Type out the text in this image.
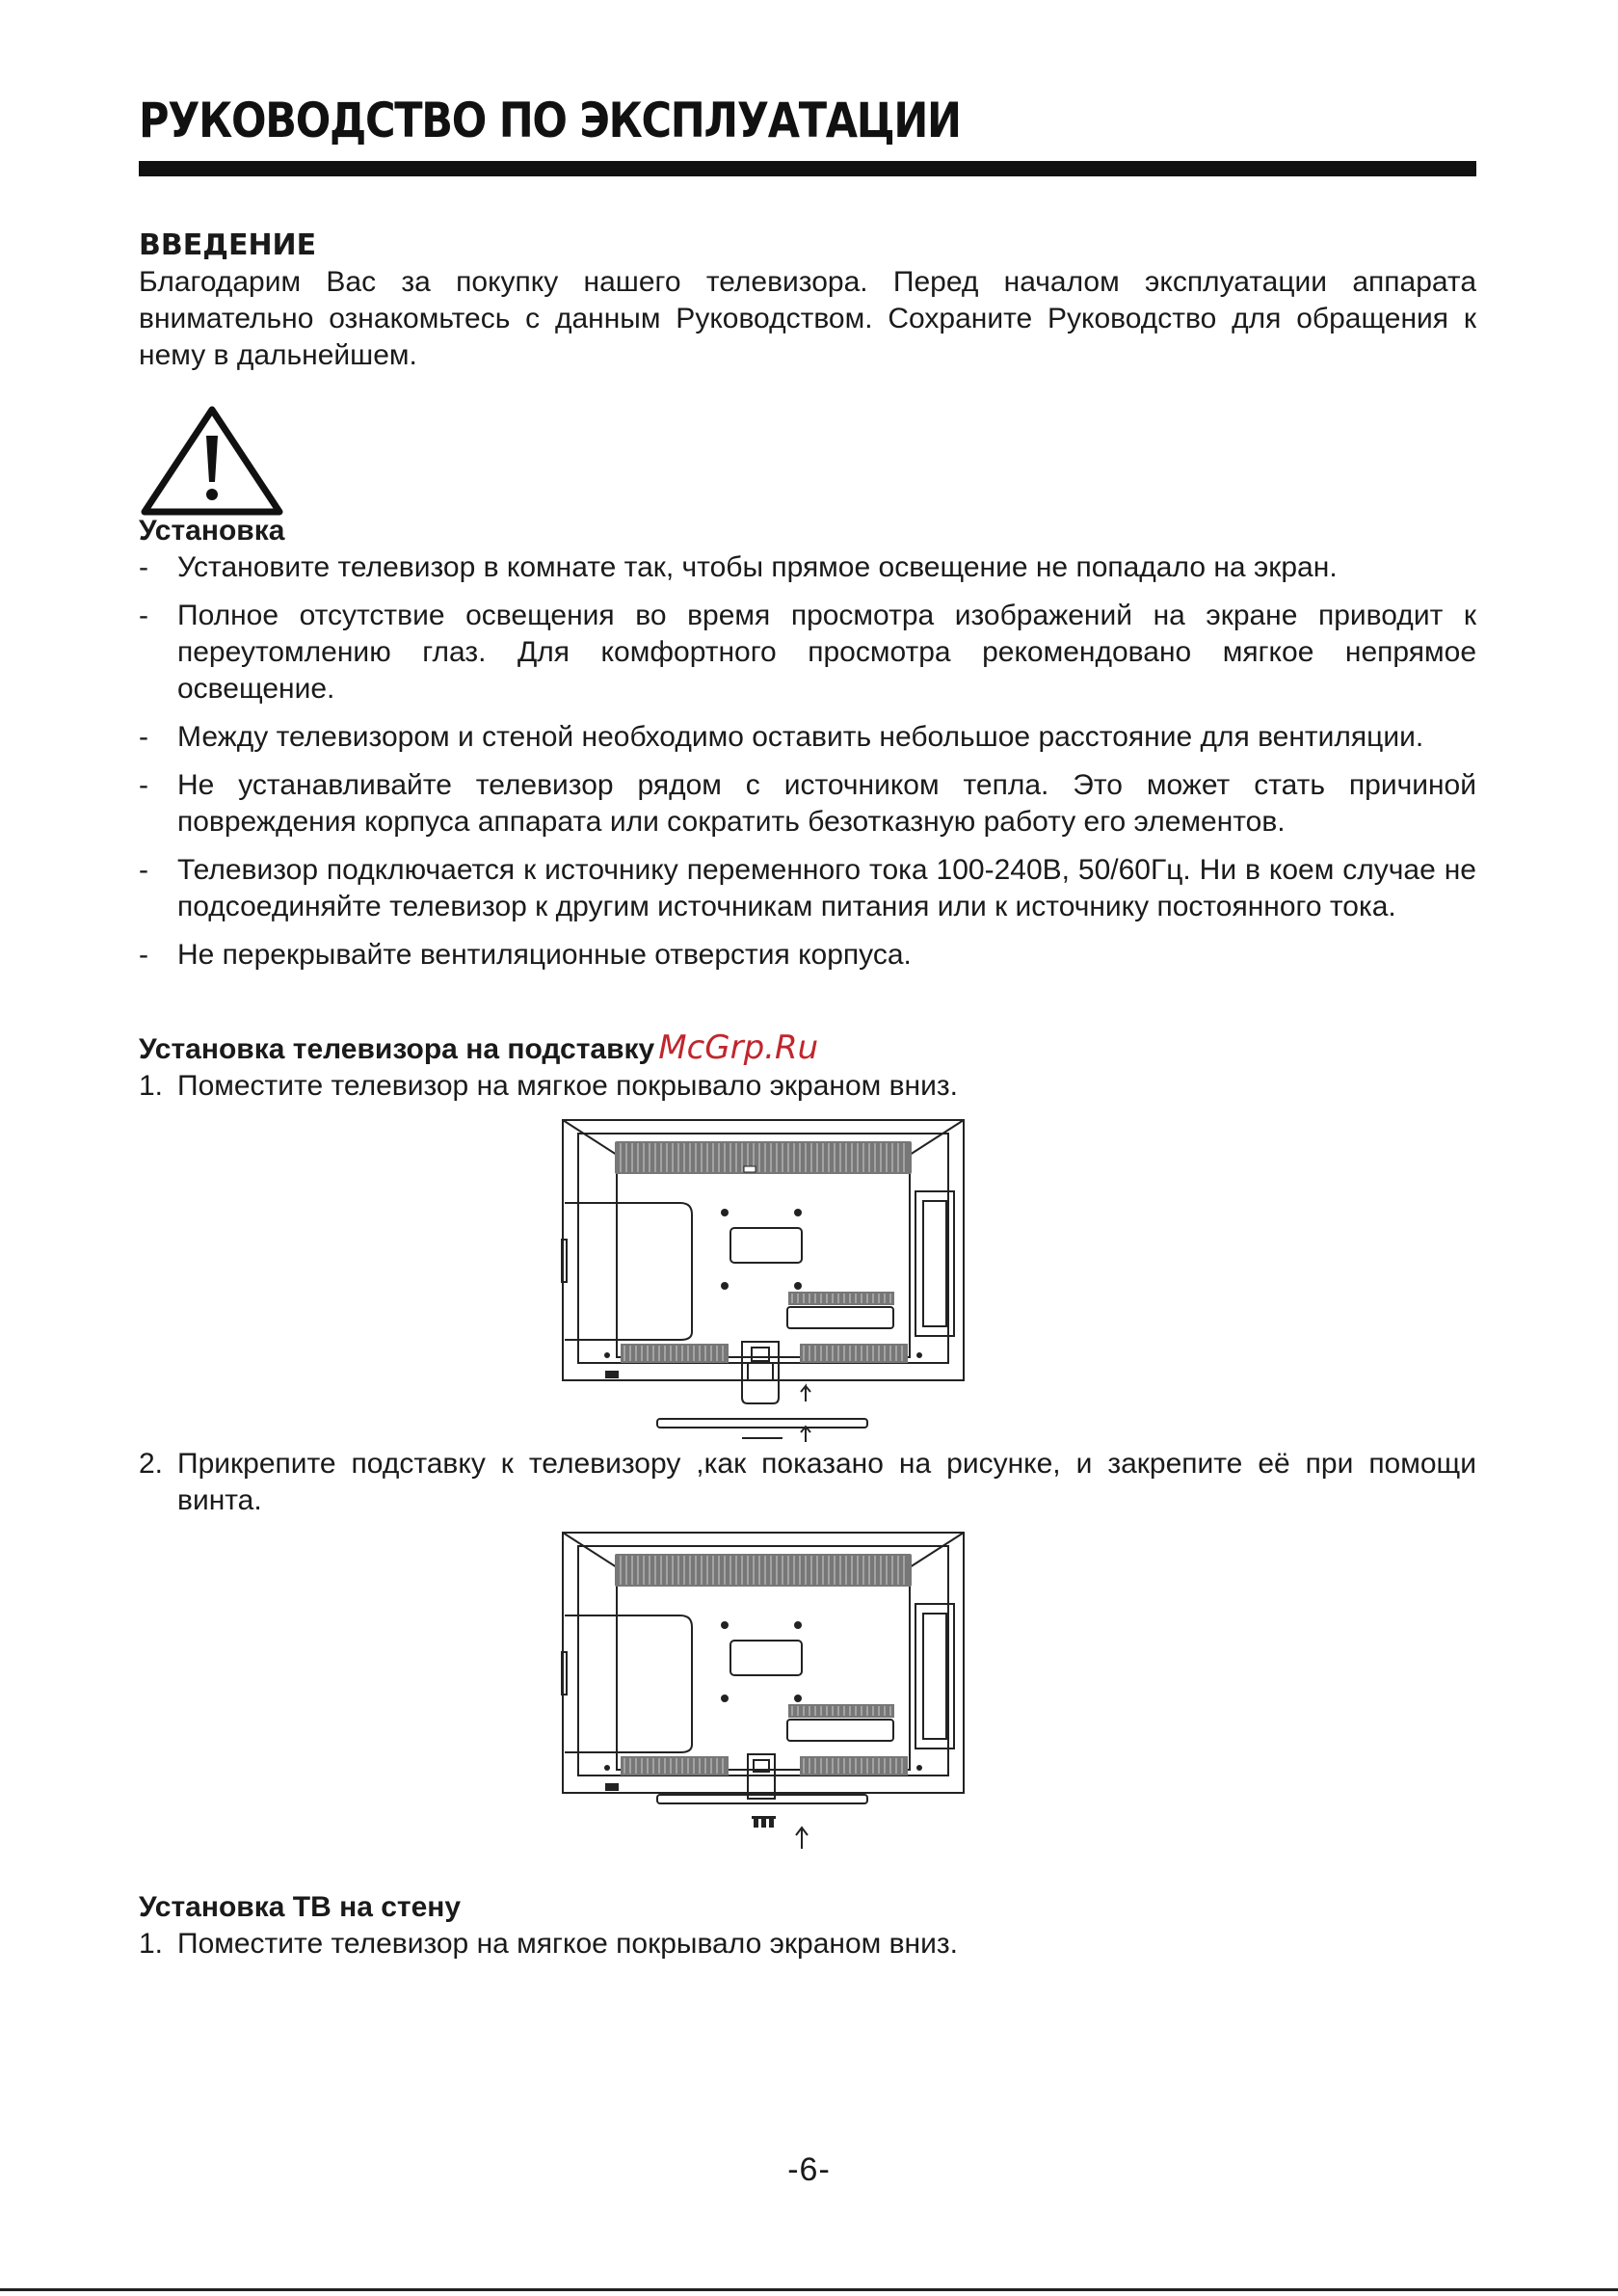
РУКОВОДСТВО ПО ЭКСПЛУАТАЦИИ
ВВЕДЕНИЕ

Благодарим Вас за покупку нашего телевизора. Перед началом эксплуатации аппарата внимательно ознакомьтесь с данным Руководством. Сохраните Руководство для обращения к нему в дальнейшем.

Установка
- Установите телевизор в комнате так, чтобы прямое освещение не попадало на экран.
- Полное отсутствие освещения во время просмотра изображений на экране приводит к переутомлению глаз. Для комфортного просмотра рекомендовано мягкое непрямое освещение.
- Между телевизором и стеной необходимо оставить небольшое расстояние для вентиляции.
- Не устанавливайте телевизор рядом с источником тепла. Это может стать причиной повреждения корпуса аппарата или сократить безотказную работу его элементов.
- Телевизор подключается к источнику переменного тока 100-240В, 50/60Гц. Ни в коем случае не подсоединяйте телевизор к другим источникам питания или к источнику постоянного тока.
- Не перекрывайте вентиляционные отверстия корпуса.
Установка телевизора на подставку McGrp.Ru
1. Поместите телевизор на мягкое покрывало экраном вниз.
2. Прикрепите подставку к телевизору ,как показано на рисунке, и закрепите её при помощи винта.
Установка ТВ на стену
1. Поместите телевизор на мягкое покрывало экраном вниз.
-6-
